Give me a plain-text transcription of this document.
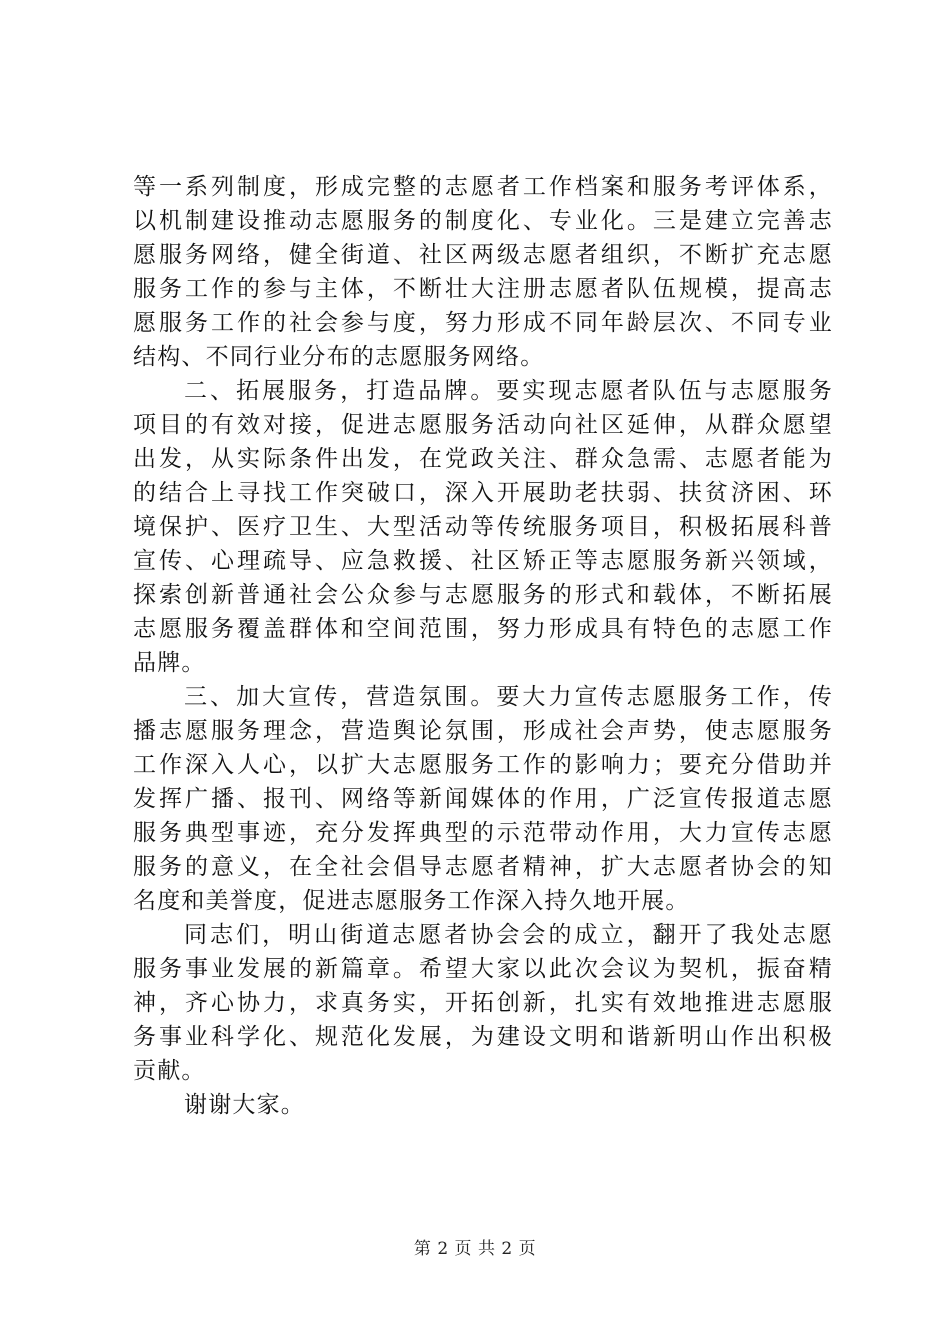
等一系列制度，形成完整的志愿者工作档案和服务考评体系，
以机制建设推动志愿服务的制度化、专业化。三是建立完善志
愿服务网络，健全街道、社区两级志愿者组织，不断扩充志愿
服务工作的参与主体，不断壮大注册志愿者队伍规模，提高志
愿服务工作的社会参与度，努力形成不同年龄层次、不同专业
结构、不同行业分布的志愿服务网络。
二、拓展服务，打造品牌。要实现志愿者队伍与志愿服务
项目的有效对接，促进志愿服务活动向社区延伸，从群众愿望
出发，从实际条件出发，在党政关注、群众急需、志愿者能为
的结合上寻找工作突破口，深入开展助老扶弱、扶贫济困、环
境保护、医疗卫生、大型活动等传统服务项目，积极拓展科普
宣传、心理疏导、应急救援、社区矫正等志愿服务新兴领域，
探索创新普通社会公众参与志愿服务的形式和载体，不断拓展
志愿服务覆盖群体和空间范围，努力形成具有特色的志愿工作
品牌。
三、加大宣传，营造氛围。要大力宣传志愿服务工作，传
播志愿服务理念，营造舆论氛围，形成社会声势，使志愿服务
工作深入人心，以扩大志愿服务工作的影响力；要充分借助并
发挥广播、报刊、网络等新闻媒体的作用，广泛宣传报道志愿
服务典型事迹，充分发挥典型的示范带动作用，大力宣传志愿
服务的意义，在全社会倡导志愿者精神，扩大志愿者协会的知
名度和美誉度，促进志愿服务工作深入持久地开展。
同志们，明山街道志愿者协会会的成立，翻开了我处志愿
服务事业发展的新篇章。希望大家以此次会议为契机，振奋精
神，齐心协力，求真务实，开拓创新，扎实有效地推进志愿服
务事业科学化、规范化发展，为建设文明和谐新明山作出积极
贡献。
谢谢大家。
第 2 页 共 2 页
